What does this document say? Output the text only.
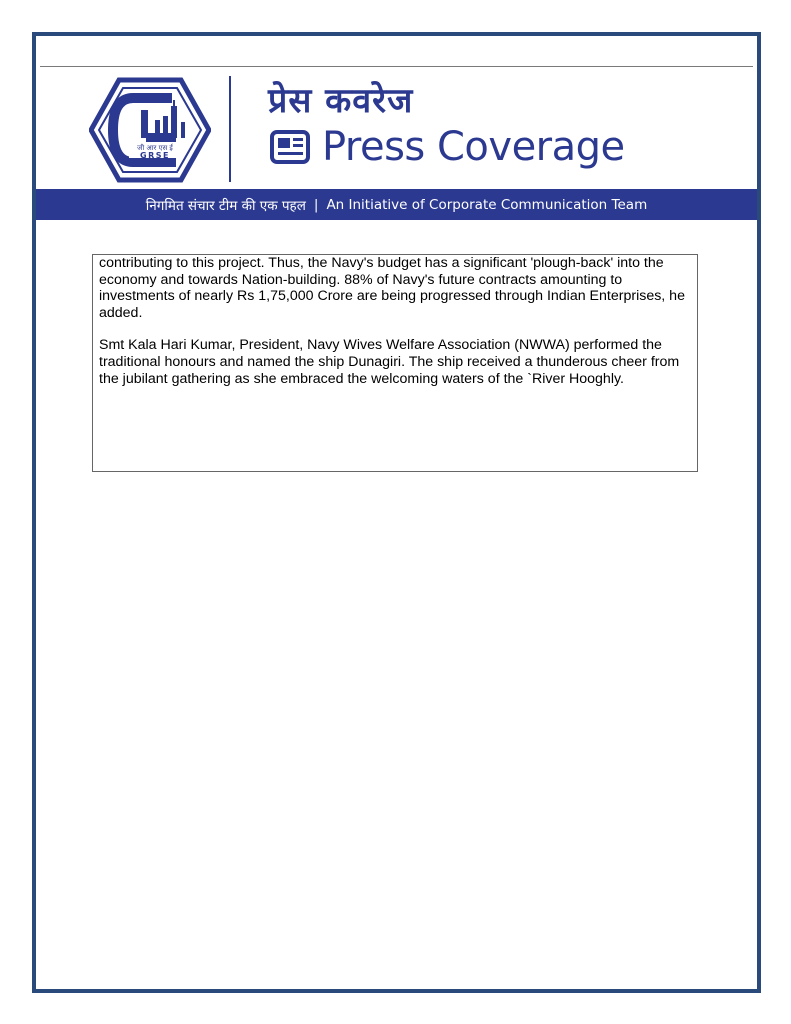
जी आर एस ई
GRSE
प्रेस कवरेज
Press Coverage
निगमित संचार टीम की एक पहल | An Initiative of Corporate Communication Team

contributing to this project. Thus, the Navy's budget has a significant 'plough-back' into the economy and towards Nation-building. 88% of Navy's future contracts amounting to investments of nearly Rs 1,75,000 Crore are being progressed through Indian Enterprises, he added.

Smt Kala Hari Kumar, President, Navy Wives Welfare Association (NWWA) performed the traditional honours and named the ship Dunagiri. The ship received a thunderous cheer from the jubilant gathering as she embraced the welcoming waters of the `River Hooghly.
